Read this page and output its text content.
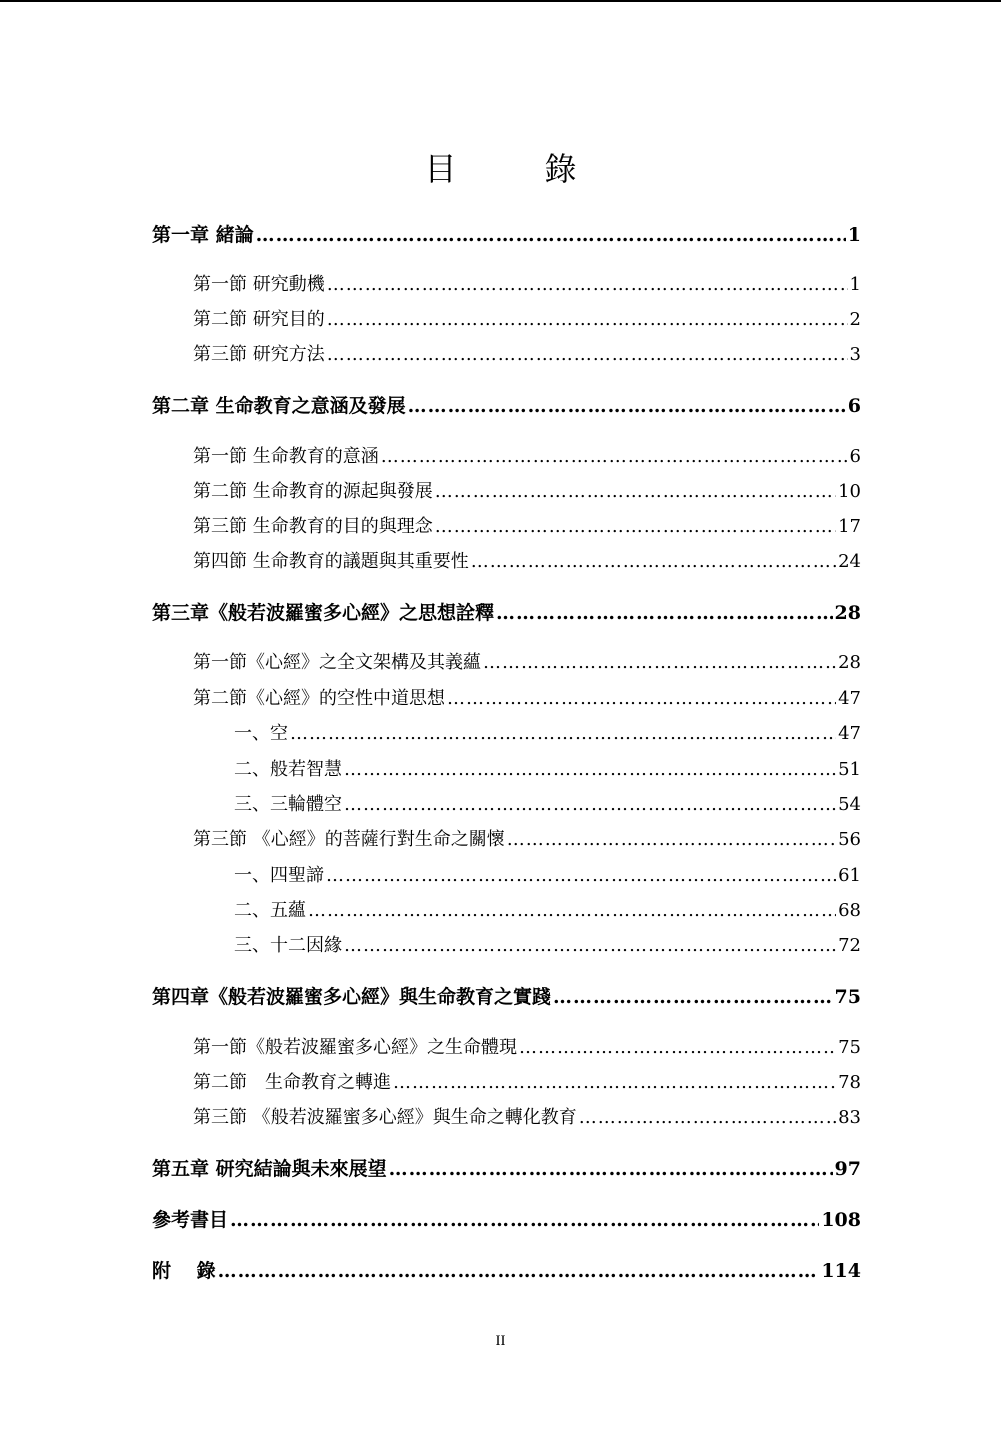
目　錄
第一章 緒論 ………………………………………………………………………………………………………………………………………………………………………………………………………………………………………………………………………	1
第一節 研究動機 ………………………………………………………………………………………………………………………………………………………………………………………………………………………………………………………………………	1
第二節 研究目的 ………………………………………………………………………………………………………………………………………………………………………………………………………………………………………………………………………	2
第三節 研究方法 ………………………………………………………………………………………………………………………………………………………………………………………………………………………………………………………………………	3
第二章 生命教育之意涵及發展 ………………………………………………………………………………………………………………………………………………………………………………………………………………………………………………………………………	6
第一節 生命教育的意涵 ………………………………………………………………………………………………………………………………………………………………………………………………………………………………………………………………………	6
第二節 生命教育的源起與發展 ………………………………………………………………………………………………………………………………………………………………………………………………………………………………………………………………………	10
第三節 生命教育的目的與理念 ………………………………………………………………………………………………………………………………………………………………………………………………………………………………………………………………………	17
第四節 生命教育的議題與其重要性 ………………………………………………………………………………………………………………………………………………………………………………………………………………………………………………………………………	24
第三章《般若波羅蜜多心經》之思想詮釋 ………………………………………………………………………………………………………………………………………………………………………………………………………………………………………………………………………	28
第一節《心經》之全文架構及其義蘊 ………………………………………………………………………………………………………………………………………………………………………………………………………………………………………………………………………	28
第二節《心經》的空性中道思想 ………………………………………………………………………………………………………………………………………………………………………………………………………………………………………………………………………	47
一、空 ………………………………………………………………………………………………………………………………………………………………………………………………………………………………………………………………………	47
二、般若智慧 ………………………………………………………………………………………………………………………………………………………………………………………………………………………………………………………………………	51
三、三輪體空 ………………………………………………………………………………………………………………………………………………………………………………………………………………………………………………………………………	54
第三節 《心經》的菩薩行對生命之關懷 ………………………………………………………………………………………………………………………………………………………………………………………………………………………………………………………………………	56
一、四聖諦 ………………………………………………………………………………………………………………………………………………………………………………………………………………………………………………………………………	61
二、五蘊 ………………………………………………………………………………………………………………………………………………………………………………………………………………………………………………………………………	68
三、十二因緣 ………………………………………………………………………………………………………………………………………………………………………………………………………………………………………………………………………	72
第四章《般若波羅蜜多心經》與生命教育之實踐 ………………………………………………………………………………………………………………………………………………………………………………………………………………………………………………………………………	75
第一節《般若波羅蜜多心經》之生命體現 ………………………………………………………………………………………………………………………………………………………………………………………………………………………………………………………………………	75
第二節　生命教育之轉進 ………………………………………………………………………………………………………………………………………………………………………………………………………………………………………………………………………	78
第三節 《般若波羅蜜多心經》與生命之轉化教育 ………………………………………………………………………………………………………………………………………………………………………………………………………………………………………………………………………	83
第五章 研究結論與未來展望 ………………………………………………………………………………………………………………………………………………………………………………………………………………………………………………………………………	97
參考書目 ………………………………………………………………………………………………………………………………………………………………………………………………………………………………………………………………………	108
附　 錄 ………………………………………………………………………………………………………………………………………………………………………………………………………………………………………………………………………	114
II
